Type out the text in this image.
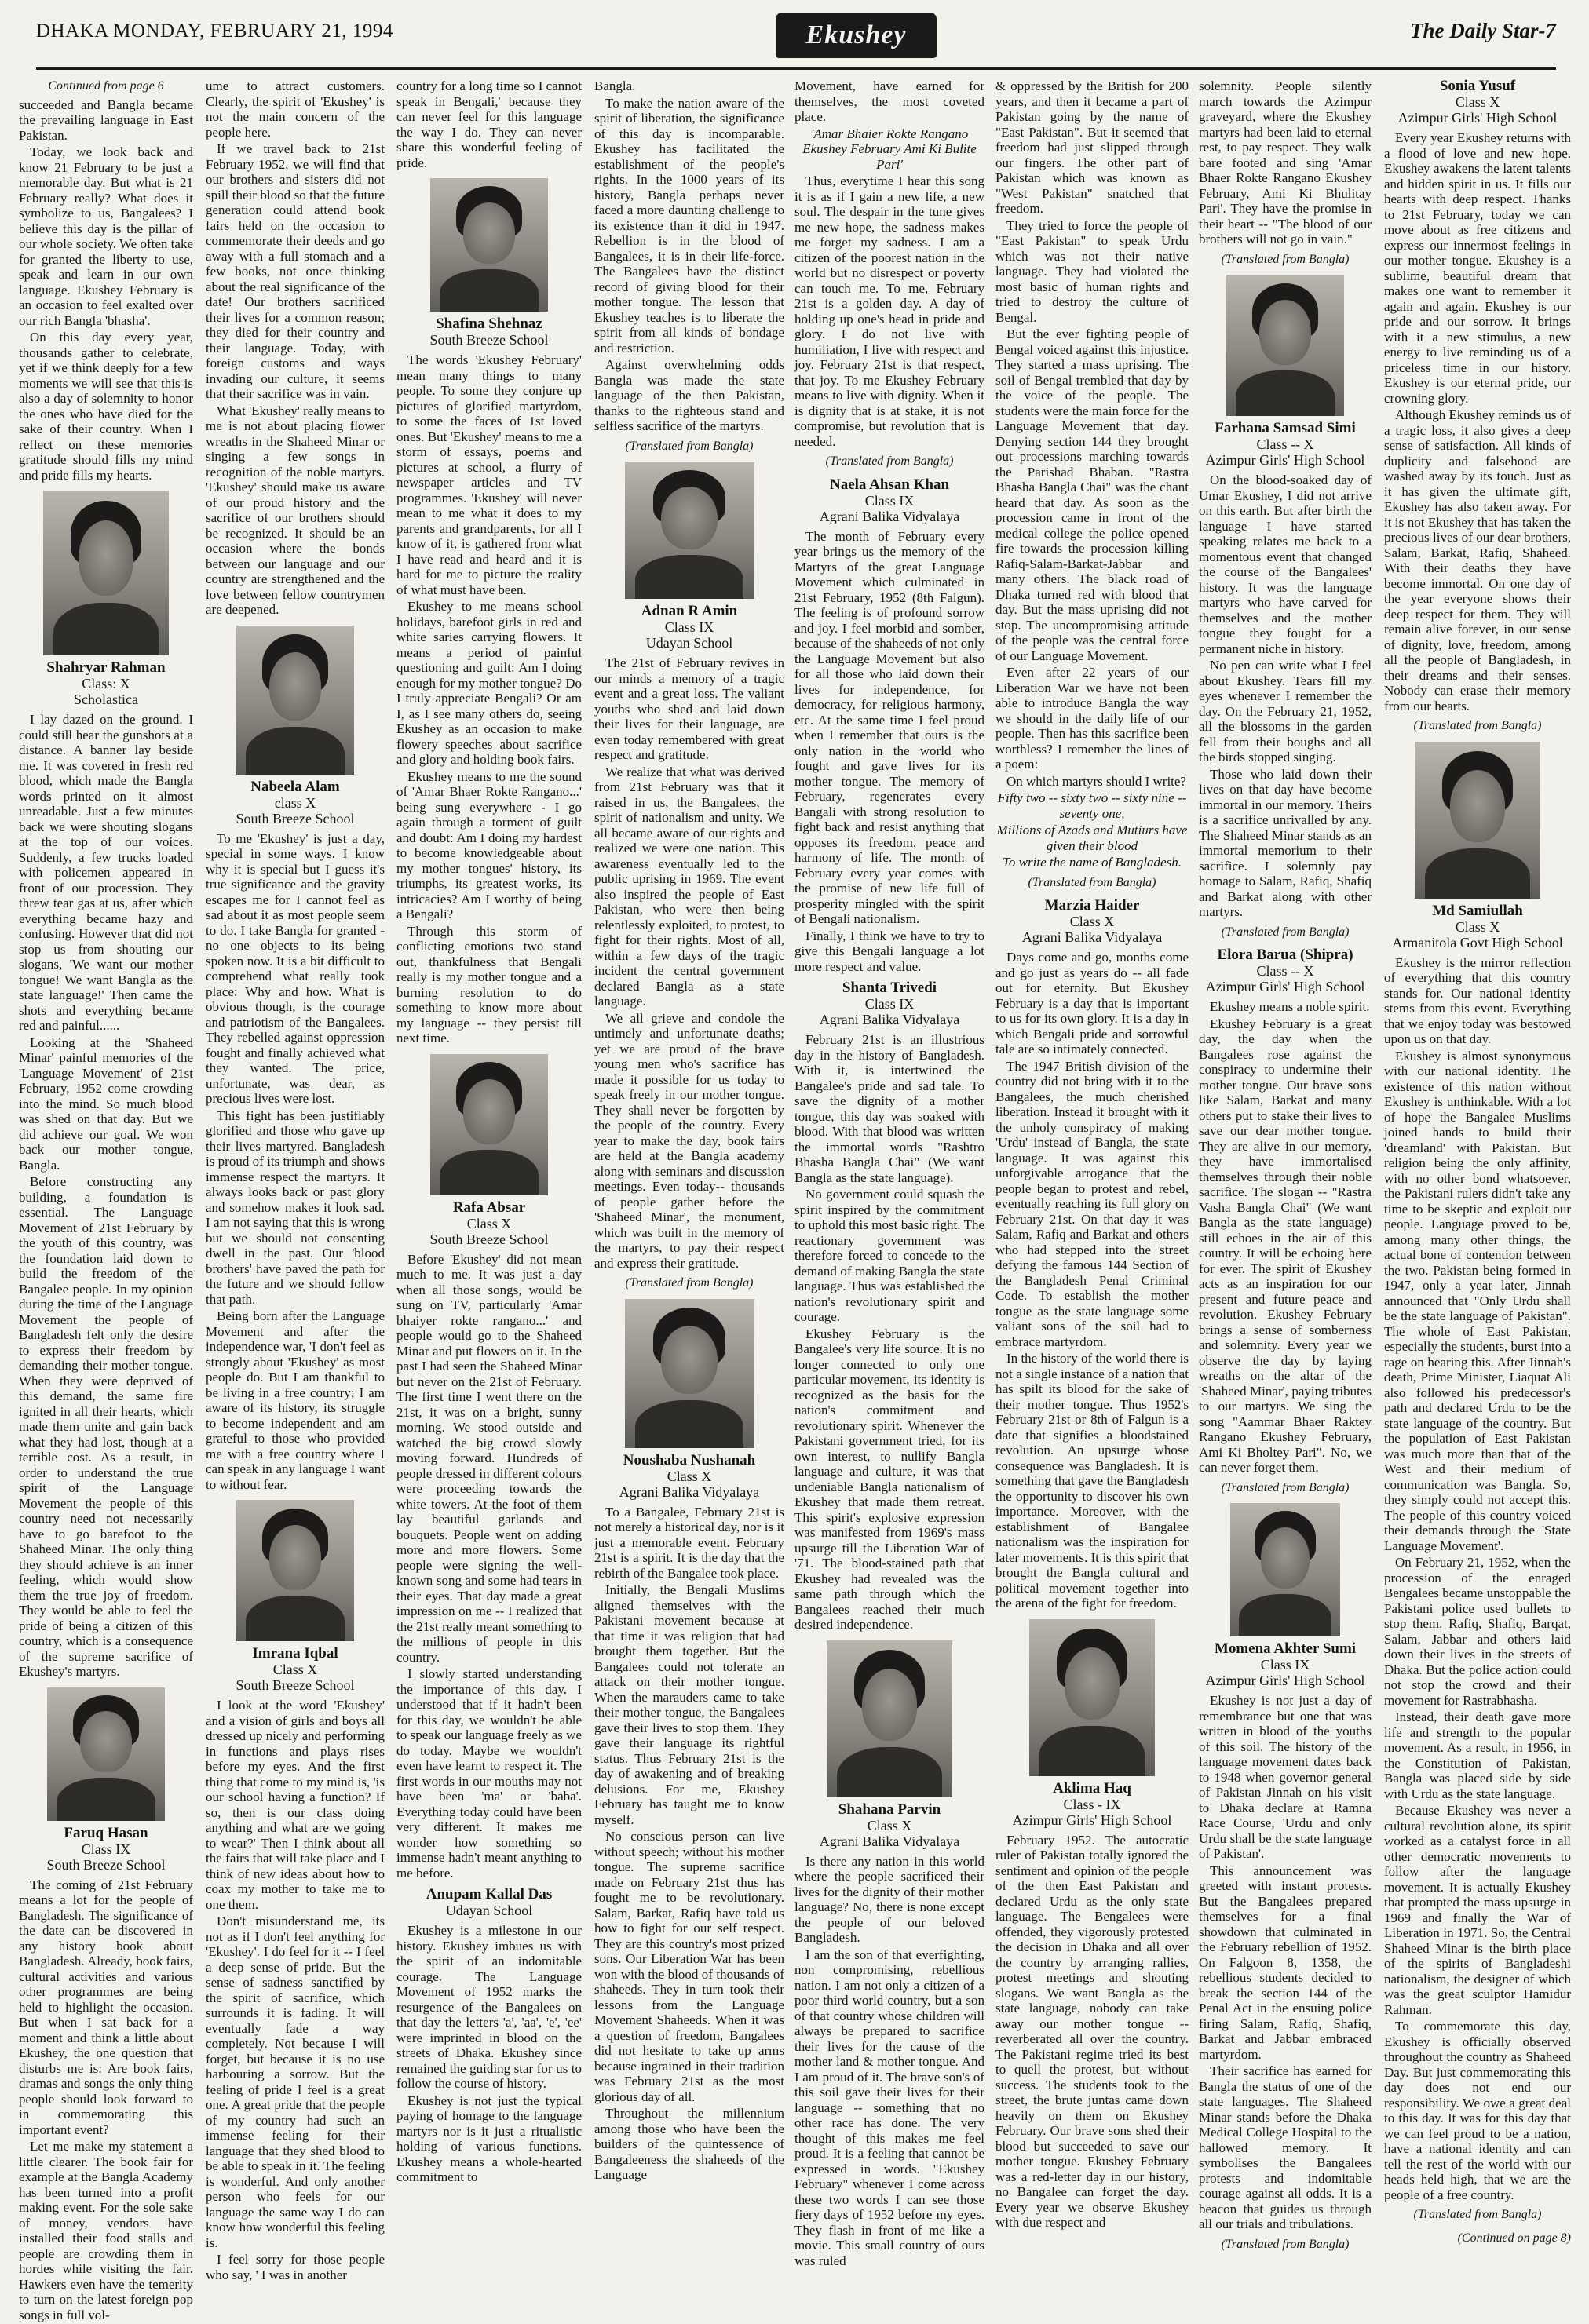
DHAKA MONDAY, FEBRUARY 21, 1994	Ekushey	The Daily Star-7

Continued from page 6

succeeded and Bangla became the prevailing language in East Pakistan.

Today, we look back and know 21 February to be just a memorable day. But what is 21 February really? What does it symbolize to us, Bangalees? I believe this day is the pillar of our whole society. We often take for granted the liberty to use, speak and learn in our own language. Ekushey February is an occasion to feel exalted over our rich Bangla 'bhasha'.

On this day every year, thousands gather to celebrate, yet if we think deeply for a few moments we will see that this is also a day of solemnity to honor the ones who have died for the sake of their country. When I reflect on these memories gratitude should fills my mind and pride fills my hearts.

Shahryar Rahman
Class: X
Scholastica

I lay dazed on the ground. I could still hear the gunshots at a distance. A banner lay beside me. It was covered in fresh red blood, which made the Bangla words printed on it almost unreadable. Just a few minutes back we were shouting slogans at the top of our voices. Suddenly, a few trucks loaded with policemen appeared in front of our procession. They threw tear gas at us, after which everything became hazy and confusing. However that did not stop us from shouting our slogans, 'We want our mother tongue! We want Bangla as the state language!' Then came the shots and everything became red and painful......

Looking at the 'Shaheed Minar' painful memories of the 'Language Movement' of 21st February, 1952 come crowding into the mind. So much blood was shed on that day. But we did achieve our goal. We won back our mother tongue, Bangla.

Before constructing any building, a foundation is essential. The Language Movement of 21st February by the youth of this country, was the foundation laid down to build the freedom of the Bangalee people. In my opinion during the time of the Language Movement the people of Bangladesh felt only the desire to express their freedom by demanding their mother tongue. When they were deprived of this demand, the same fire ignited in all their hearts, which made them unite and gain back what they had lost, though at a terrible cost. As a result, in order to understand the true spirit of the Language Movement the people of this country need not necessarily have to go barefoot to the Shaheed Minar. The only thing they should achieve is an inner feeling, which would show them the true joy of freedom. They would be able to feel the pride of being a citizen of this country, which is a consequence of the supreme sacrifice of Ekushey's martyrs.

Faruq Hasan
Class IX
South Breeze School

The coming of 21st February means a lot for the people of Bangladesh. The significance of the date can be discovered in any history book about Bangladesh. Already, book fairs, cultural activities and various other programmes are being held to highlight the occasion. But when I sat back for a moment and think a little about Ekushey, the one question that disturbs me is: Are book fairs, dramas and songs the only thing people should look forward to in commemorating this important event?

Let me make my statement a little clearer. The book fair for example at the Bangla Academy has been turned into a profit making event. For the sole sake of money, vendors have installed their food stalls and people are crowding them in hordes while visiting the fair. Hawkers even have the temerity to turn on the latest foreign pop songs in full vol-

ume to attract customers. Clearly, the spirit of 'Ekushey' is not the main concern of the people here.

If we travel back to 21st February 1952, we will find that our brothers and sisters did not spill their blood so that the future generation could attend book fairs held on the occasion to commemorate their deeds and go away with a full stomach and a few books, not once thinking about the real significance of the date! Our brothers sacrificed their lives for a common reason; they died for their country and their language. Today, with foreign customs and ways invading our culture, it seems that their sacrifice was in vain.

What 'Ekushey' really means to me is not about placing flower wreaths in the Shaheed Minar or singing a few songs in recognition of the noble martyrs. 'Ekushey' should make us aware of our proud history and the sacrifice of our brothers should be recognized. It should be an occasion where the bonds between our language and our country are strengthened and the love between fellow countrymen are deepened.

Nabeela Alam
class X
South Breeze School

To me 'Ekushey' is just a day, special in some ways. I know why it is special but I guess it's true significance and the gravity escapes me for I cannot feel as sad about it as most people seem to do. I take Bangla for granted - no one objects to its being spoken now. It is a bit difficult to comprehend what really took place: Why and how. What is obvious though, is the courage and patriotism of the Bangalees. They rebelled against oppression fought and finally achieved what they wanted. The price, unfortunate, was dear, as precious lives were lost.

This fight has been justifiably glorified and those who gave up their lives martyred. Bangladesh is proud of its triumph and shows immense respect the martyrs. It always looks back or past glory and somehow makes it look sad. I am not saying that this is wrong but we should not consenting dwell in the past. Our 'blood brothers' have paved the path for the future and we should follow that path.

Being born after the Language Movement and after the independence war, 'I don't feel as strongly about 'Ekushey' as most people do. But I am thankful to be living in a free country; I am aware of its history, its struggle to become independent and am grateful to those who provided me with a free country where I can speak in any language I want to without fear.

Imrana Iqbal
Class X
South Breeze School

I look at the word 'Ekushey' and a vision of girls and boys all dressed up nicely and performing in functions and plays rises before my eyes. And the first thing that come to my mind is, 'is our school having a function? If so, then is our class doing anything and what are we going to wear?' Then I think about all the fairs that will take place and I think of new ideas about how to coax my mother to take me to one them.

Don't misunderstand me, its not as if I don't feel anything for 'Ekushey'. I do feel for it -- I feel a deep sense of pride. But the sense of sadness sanctified by the spirit of sacrifice, which surrounds it is fading. It will eventually fade a way completely. Not because I will forget, but because it is no use harbouring a sorrow. But the feeling of pride I feel is a great one. A great pride that the people of my country had such an immense feeling for their language that they shed blood to be able to speak in it. The feeling is wonderful. And only another person who feels for our language the same way I do can know how wonderful this feeling is.

I feel sorry for those people who say, ' I was in another

country for a long time so I cannot speak in Bengali,' because they can never feel for this language the way I do. They can never share this wonderful feeling of pride.

Shafina Shehnaz
South Breeze School

The words 'Ekushey February' mean many things to many people. To some they conjure up pictures of glorified martyrdom, to some the faces of 1st loved ones. But 'Ekushey' means to me a storm of essays, poems and pictures at school, a flurry of newspaper articles and TV programmes. 'Ekushey' will never mean to me what it does to my parents and grandparents, for all I know of it, is gathered from what I have read and heard and it is hard for me to picture the reality of what must have been.

Ekushey to me means school holidays, barefoot girls in red and white saries carrying flowers. It means a period of painful questioning and guilt: Am I doing enough for my mother tongue? Do I truly appreciate Bengali? Or am I, as I see many others do, seeing Ekushey as an occasion to make flowery speeches about sacrifice and glory and holding book fairs.

Ekushey means to me the sound of 'Amar Bhaer Rokte Rangano...' being sung everywhere - I go again through a torment of guilt and doubt: Am I doing my hardest to become knowledgeable about my mother tongues' history, its triumphs, its greatest works, its intricacies? Am I worthy of being a Bengali?

Through this storm of conflicting emotions two stand out, thankfulness that Bengali really is my mother tongue and a burning resolution to do something to know more about my language -- they persist till next time.

Rafa Absar
Class X
South Breeze School

Before 'Ekushey' did not mean much to me. It was just a day when all those songs, would be sung on TV, particularly 'Amar bhaiyer rokte rangano...' and people would go to the Shaheed Minar and put flowers on it. In the past I had seen the Shaheed Minar but never on the 21st of February. The first time I went there on the 21st, it was on a bright, sunny morning. We stood outside and watched the big crowd slowly moving forward. Hundreds of people dressed in different colours were proceeding towards the white towers. At the foot of them lay beautiful garlands and bouquets. People went on adding more and more flowers. Some people were signing the well-known song and some had tears in their eyes. That day made a great impression on me -- I realized that the 21st really meant something to the millions of people in this country.

I slowly started understanding the importance of this day. I understood that if it hadn't been for this day, we wouldn't be able to speak our language freely as we do today. Maybe we wouldn't even have learnt to respect it. The first words in our mouths may not have been 'ma' or 'baba'. Everything today could have been very different. It makes me wonder how something so immense hadn't meant anything to me before.

Anupam Kallal Das
Udayan School

Ekushey is a milestone in our history. Ekushey imbues us with the spirit of an indomitable courage. The Language Movement of 1952 marks the resurgence of the Bangalees on that day the letters 'a', 'aa', 'e', 'ee' were imprinted in blood on the streets of Dhaka. Ekushey since remained the guiding star for us to follow the course of history.

Ekushey is not just the typical paying of homage to the language martyrs nor is it just a ritualistic holding of various functions. Ekushey means a whole-hearted commitment to

Bangla.

To make the nation aware of the spirit of liberation, the significance of this day is incomparable. Ekushey has facilitated the establishment of the people's rights. In the 1000 years of its history, Bangla perhaps never faced a more daunting challenge to its existence than it did in 1947. Rebellion is in the blood of Bangalees, it is in their life-force. The Bangalees have the distinct record of giving blood for their mother tongue. The lesson that Ekushey teaches is to liberate the spirit from all kinds of bondage and restriction.

Against overwhelming odds Bangla was made the state language of the then Pakistan, thanks to the righteous stand and selfless sacrifice of the martyrs.

(Translated from Bangla)

Adnan R Amin
Class IX
Udayan School

The 21st of February revives in our minds a memory of a tragic event and a great loss. The valiant youths who shed and laid down their lives for their language, are even today remembered with great respect and gratitude.

We realize that what was derived from 21st February was that it raised in us, the Bangalees, the spirit of nationalism and unity. We all became aware of our rights and realized we were one nation. This awareness eventually led to the public uprising in 1969. The event also inspired the people of East Pakistan, who were then being relentlessly exploited, to protest, to fight for their rights. Most of all, within a few days of the tragic incident the central government declared Bangla as a state language.

We all grieve and condole the untimely and unfortunate deaths; yet we are proud of the brave young men who's sacrifice has made it possible for us today to speak freely in our mother tongue. They shall never be forgotten by the people of the country. Every year to make the day, book fairs are held at the Bangla academy along with seminars and discussion meetings. Even today-- thousands of people gather before the 'Shaheed Minar', the monument, which was built in the memory of the martyrs, to pay their respect and express their gratitude.

(Translated from Bangla)

Noushaba Nushanah
Class X
Agrani Balika Vidyalaya

To a Bangalee, February 21st is not merely a historical day, nor is it just a memorable event. February 21st is a spirit. It is the day that the rebirth of the Bangalee took place.

Initially, the Bengali Muslims aligned themselves with the Pakistani movement because at that time it was religion that had brought them together. But the Bangalees could not tolerate an attack on their mother tongue. When the marauders came to take their mother tongue, the Bangalees gave their lives to stop them. They gave their language its rightful status. Thus February 21st is the day of awakening and of breaking delusions. For me, Ekushey February has taught me to know myself.

No conscious person can live without speech; without his mother tongue. The supreme sacrifice made on February 21st thus has fought me to be revolutionary. Salam, Barkat, Rafiq have told us how to fight for our self respect. They are this country's most prized sons. Our Liberation War has been won with the blood of thousands of shaheeds. They in turn took their lessons from the Language Movement Shaheeds. When it was a question of freedom, Bangalees did not hesitate to take up arms because ingrained in their tradition was February 21st as the most glorious day of all.

Throughout the millennium among those who have been the builders of the quintessence of Bangaleeness the shaheeds of the Language

Movement, have earned for themselves, the most coveted place.

'Amar Bhaier Rokte Rangano Ekushey February Ami Ki Bulite Pari'

Thus, everytime I hear this song it is as if I gain a new life, a new soul. The despair in the tune gives me new hope, the sadness makes me forget my sadness. I am a citizen of the poorest nation in the world but no disrespect or poverty can touch me. To me, February 21st is a golden day. A day of holding up one's head in pride and glory. I do not live with humiliation, I live with respect and joy. February 21st is that respect, that joy. To me Ekushey February means to live with dignity. When it is dignity that is at stake, it is not compromise, but revolution that is needed.

(Translated from Bangla)

Naela Ahsan Khan
Class IX
Agrani Balika Vidyalaya

The month of February every year brings us the memory of the Martyrs of the great Language Movement which culminated in 21st February, 1952 (8th Falgun). The feeling is of profound sorrow and joy. I feel morbid and somber, because of the shaheeds of not only the Language Movement but also for all those who laid down their lives for independence, for democracy, for religious harmony, etc. At the same time I feel proud when I remember that ours is the only nation in the world who fought and gave lives for its mother tongue. The memory of February, regenerates every Bangali with strong resolution to fight back and resist anything that opposes its freedom, peace and harmony of life. The month of February every year comes with the promise of new life full of prosperity mingled with the spirit of Bengali nationalism.

Finally, I think we have to try to give this Bengali language a lot more respect and value.

Shanta Trivedi
Class IX
Agrani Balika Vidyalaya

February 21st is an illustrious day in the history of Bangladesh. With it, is intertwined the Bangalee's pride and sad tale. To save the dignity of a mother tongue, this day was soaked with blood. With that blood was written the immortal words "Rashtro Bhasha Bangla Chai" (We want Bangla as the state language).

No government could squash the spirit inspired by the commitment to uphold this most basic right. The reactionary government was therefore forced to concede to the demand of making Bangla the state language. Thus was established the nation's revolutionary spirit and courage.

Ekushey February is the Bangalee's very life source. It is no longer connected to only one particular movement, its identity is recognized as the basis for the nation's commitment and revolutionary spirit. Whenever the Pakistani government tried, for its own interest, to nullify Bangla language and culture, it was that undeniable Bangla nationalism of Ekushey that made them retreat. This spirit's explosive expression was manifested from 1969's mass upsurge till the Liberation War of '71. The blood-stained path that Ekushey had revealed was the same path through which the Bangalees reached their much desired independence.

Shahana Parvin
Class X
Agrani Balika Vidyalaya

Is there any nation in this world where the people sacrificed their lives for the dignity of their mother language? No, there is none except the people of our beloved Bangladesh.

I am the son of that everfighting, non compromising, rebellious nation. I am not only a citizen of a poor third world country, but a son of that country whose children will always be prepared to sacrifice their lives for the cause of the mother land & mother tongue. And I am proud of it. The brave son's of this soil gave their lives for their language -- something that no other race has done. The very thought of this makes me feel proud. It is a feeling that cannot be expressed in words. "Ekushey February" whenever I come across these two words I can see those fiery days of 1952 before my eyes. They flash in front of me like a movie. This small country of ours was ruled

& oppressed by the British for 200 years, and then it became a part of Pakistan going by the name of "East Pakistan". But it seemed that freedom had just slipped through our fingers. The other part of Pakistan which was known as "West Pakistan" snatched that freedom.

They tried to force the people of "East Pakistan" to speak Urdu which was not their native language. They had violated the most basic of human rights and tried to destroy the culture of Bengal.

But the ever fighting people of Bengal voiced against this injustice. They started a mass uprising. The soil of Bengal trembled that day by the voice of the people. The students were the main force for the Language Movement that day. Denying section 144 they brought out processions marching towards the Parishad Bhaban. "Rastra Bhasha Bangla Chai" was the chant heard that day. As soon as the procession came in front of the medical college the police opened fire towards the procession killing Rafiq-Salam-Barkat-Jabbar and many others. The black road of Dhaka turned red with blood that day. But the mass uprising did not stop. The uncompromising attitude of the people was the central force of our Language Movement.

Even after 22 years of our Liberation War we have not been able to introduce Bangla the way we should in the daily life of our people. Then has this sacrifice been worthless? I remember the lines of a poem:

On which martyrs should I write?

Fifty two -- sixty two -- sixty nine -- seventy one,

Millions of Azads and Mutiurs have given their blood

To write the name of Bangladesh.

(Translated from Bangla)

Marzia Haider
Class X
Agrani Balika Vidyalaya

Days come and go, months come and go just as years do -- all fade out for eternity. But Ekushey February is a day that is important to us for its own glory. It is a day in which Bengali pride and sorrowful tale are so intimately connected.

The 1947 British division of the country did not bring with it to the Bangalees, the much cherished liberation. Instead it brought with it the unholy conspiracy of making 'Urdu' instead of Bangla, the state language. It was against this unforgivable arrogance that the people began to protest and rebel, eventually reaching its full glory on February 21st. On that day it was Salam, Rafiq and Barkat and others who had stepped into the street defying the famous 144 Section of the Bangladesh Penal Criminal Code. To establish the mother tongue as the state language some valiant sons of the soil had to embrace martyrdom.

In the history of the world there is not a single instance of a nation that has spilt its blood for the sake of their mother tongue. Thus 1952's February 21st or 8th of Falgun is a date that signifies a bloodstained revolution. An upsurge whose consequence was Bangladesh. It is something that gave the Bangladesh the opportunity to discover his own importance. Moreover, with the establishment of Bangalee nationalism was the inspiration for later movements. It is this spirit that brought the Bangla cultural and political movement together into the arena of the fight for freedom.

Aklima Haq
Class - IX
Azimpur Girls' High School

February 1952. The autocratic ruler of Pakistan totally ignored the sentiment and opinion of the people of the then East Pakistan and declared Urdu as the only state language. The Bengalees were offended, they vigorously protested the decision in Dhaka and all over the country by arranging rallies, protest meetings and shouting slogans. We want Bangla as the state language, nobody can take away our mother tongue -- reverberated all over the country. The Pakistani regime tried its best to quell the protest, but without success. The students took to the street, the brute juntas came down heavily on them on Ekushey February. Our brave sons shed their blood but succeeded to save our mother tongue. Ekushey February was a red-letter day in our history, no Bangalee can forget the day. Every year we observe Ekushey with due respect and

solemnity. People silently march towards the Azimpur graveyard, where the Ekushey martyrs had been laid to eternal rest, to pay respect. They walk bare footed and sing 'Amar Bhaer Rokte Rangano Ekushey February, Ami Ki Bhulitay Pari'. They have the promise in their heart -- "The blood of our brothers will not go in vain."

(Translated from Bangla)

Farhana Samsad Simi
Class -- X
Azimpur Girls' High School

On the blood-soaked day of Umar Ekushey, I did not arrive on this earth. But after birth the language I have started speaking relates me back to a momentous event that changed the course of the Bangalees' history. It was the language martyrs who have carved for themselves and the mother tongue they fought for a permanent niche in history.

No pen can write what I feel about Ekushey. Tears fill my eyes whenever I remember the day. On the February 21, 1952, all the blossoms in the garden fell from their boughs and all the birds stopped singing.

Those who laid down their lives on that day have become immortal in our memory. Theirs is a sacrifice unrivalled by any. The Shaheed Minar stands as an immortal memorium to their sacrifice. I solemnly pay homage to Salam, Rafiq, Shafiq and Barkat along with other martyrs.

(Translated from Bangla)

Elora Barua (Shipra)
Class -- X
Azimpur Girls' High School

Ekushey means a noble spirit.

Ekushey February is a great day, the day when the Bangalees rose against the conspiracy to undermine their mother tongue. Our brave sons like Salam, Barkat and many others put to stake their lives to save our dear mother tongue. They are alive in our memory, they have immortalised themselves through their noble sacrifice. The slogan -- "Rastra Vasha Bangla Chai" (We want Bangla as the state language) still echoes in the air of this country. It will be echoing here for ever. The spirit of Ekushey acts as an inspiration for our present and future peace and revolution. Ekushey February brings a sense of somberness and solemnity. Every year we observe the day by laying wreaths on the altar of the 'Shaheed Minar', paying tributes to our martyrs. We sing the song "Aammar Bhaer Raktey Rangano Ekushey February, Ami Ki Bholtey Pari". No, we can never forget them.

(Translated from Bangla)

Momena Akhter Sumi
Class IX
Azimpur Girls' High School

Ekushey is not just a day of remembrance but one that was written in blood of the youths of this soil. The history of the language movement dates back to 1948 when governor general of Pakistan Jinnah on his visit to Dhaka declare at Ramna Race Course, 'Urdu and only Urdu shall be the state language of Pakistan'.

This announcement was greeted with instant protests. But the Bangalees prepared themselves for a final showdown that culminated in the February rebellion of 1952. On Falgoon 8, 1358, the rebellious students decided to break the section 144 of the Penal Act in the ensuing police firing Salam, Rafiq, Shafiq, Barkat and Jabbar embraced martyrdom.

Their sacrifice has earned for Bangla the status of one of the state languages. The Shaheed Minar stands before the Dhaka Medical College Hospital to the hallowed memory. It symbolises the Bangalees protests and indomitable courage against all odds. It is a beacon that guides us through all our trials and tribulations.

(Translated from Bangla)

Sonia Yusuf
Class X
Azimpur Girls' High School

Every year Ekushey returns with a flood of love and new hope. Ekushey awakens the latent talents and hidden spirit in us. It fills our hearts with deep respect. Thanks to 21st February, today we can move about as free citizens and express our innermost feelings in our mother tongue. Ekushey is a sublime, beautiful dream that makes one want to remember it again and again. Ekushey is our pride and our sorrow. It brings with it a new stimulus, a new energy to live reminding us of a priceless time in our history. Ekushey is our eternal pride, our crowning glory.

Although Ekushey reminds us of a tragic loss, it also gives a deep sense of satisfaction. All kinds of duplicity and falsehood are washed away by its touch. Just as it has given the ultimate gift, Ekushey has also taken away. For it is not Ekushey that has taken the precious lives of our dear brothers, Salam, Barkat, Rafiq, Shaheed. With their deaths they have become immortal. On one day of the year everyone shows their deep respect for them. They will remain alive forever, in our sense of dignity, love, freedom, among all the people of Bangladesh, in their dreams and their senses. Nobody can erase their memory from our hearts.

(Translated from Bangla)

Md Samiullah
Class X
Armanitola Govt High School

Ekushey is the mirror reflection of everything that this country stands for. Our national identity stems from this event. Everything that we enjoy today was bestowed upon us on that day.

Ekushey is almost synonymous with our national identity. The existence of this nation without Ekushey is unthinkable. With a lot of hope the Bangalee Muslims joined hands to build their 'dreamland' with Pakistan. But religion being the only affinity, with no other bond whatsoever, the Pakistani rulers didn't take any time to be skeptic and exploit our people. Language proved to be, among many other things, the actual bone of contention between the two. Pakistan being formed in 1947, only a year later, Jinnah announced that "Only Urdu shall be the state language of Pakistan". The whole of East Pakistan, especially the students, burst into a rage on hearing this. After Jinnah's death, Prime Minister, Liaquat Ali also followed his predecessor's path and declared Urdu to be the state language of the country. But the population of East Pakistan was much more than that of the West and their medium of communication was Bangla. So, they simply could not accept this. The people of this country voiced their demands through the 'State Language Movement'.

On February 21, 1952, when the procession of the enraged Bengalees became unstoppable the Pakistani police used bullets to stop them. Rafiq, Shafiq, Barqat, Salam, Jabbar and others laid down their lives in the streets of Dhaka. But the police action could not stop the crowd and their movement for Rastrabhasha.

Instead, their death gave more life and strength to the popular movement. As a result, in 1956, in the Constitution of Pakistan, Bangla was placed side by side with Urdu as the state language.

Because Ekushey was never a cultural revolution alone, its spirit worked as a catalyst force in all other democratic movements to follow after the language movement. It is actually Ekushey that prompted the mass upsurge in 1969 and finally the War of Liberation in 1971. So, the Central Shaheed Minar is the birth place of the spirits of Bangladeshi nationalism, the designer of which was the great sculptor Hamidur Rahman.

To commemorate this day, Ekushey is officially observed throughout the country as Shaheed Day. But just commemorating this day does not end our responsibility. We owe a great deal to this day. It was for this day that we can feel proud to be a nation, have a national identity and can tell the rest of the world with our heads held high, that we are the people of a free country.

(Translated from Bangla)

(Continued on page 8)
